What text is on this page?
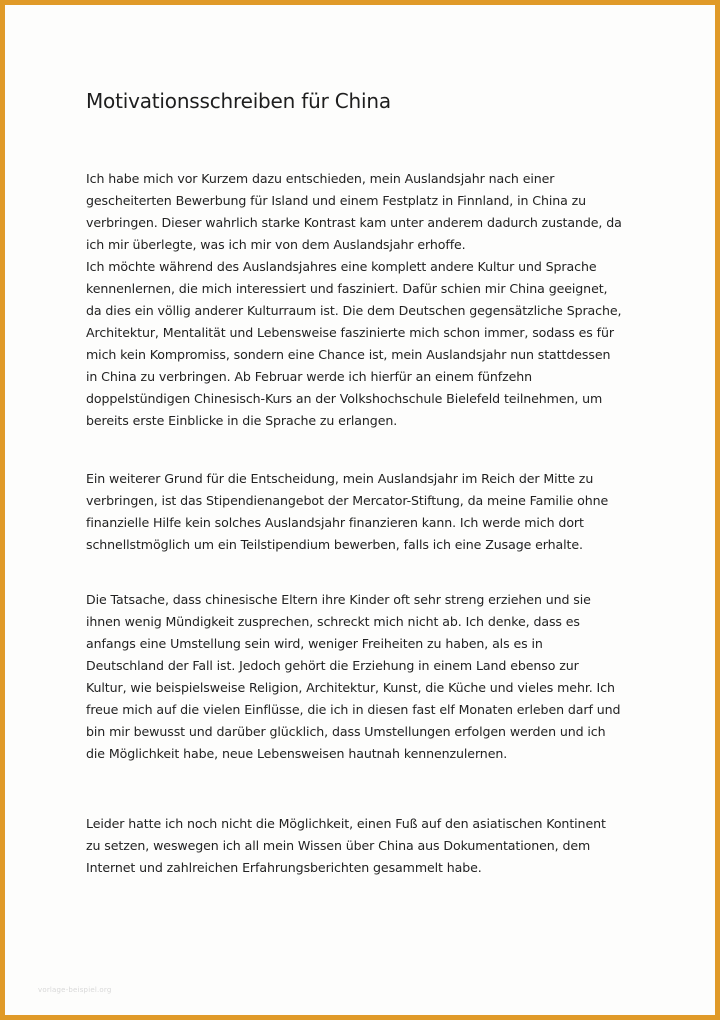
Motivationsschreiben für China

Ich habe mich vor Kurzem dazu entschieden, mein Auslandsjahr nach einer
gescheiterten Bewerbung für Island und einem Festplatz in Finnland, in China zu
verbringen. Dieser wahrlich starke Kontrast kam unter anderem dadurch zustande, da
ich mir überlegte, was ich mir von dem Auslandsjahr erhoffe.
Ich möchte während des Auslandsjahres eine komplett andere Kultur und Sprache
kennenlernen, die mich interessiert und fasziniert. Dafür schien mir China geeignet,
da dies ein völlig anderer Kulturraum ist. Die dem Deutschen gegensätzliche Sprache,
Architektur, Mentalität und Lebensweise faszinierte mich schon immer, sodass es für
mich kein Kompromiss, sondern eine Chance ist, mein Auslandsjahr nun stattdessen
in China zu verbringen. Ab Februar werde ich hierfür an einem fünfzehn
doppelstündigen Chinesisch-Kurs an der Volkshochschule Bielefeld teilnehmen, um
bereits erste Einblicke in die Sprache zu erlangen.

Ein weiterer Grund für die Entscheidung, mein Auslandsjahr im Reich der Mitte zu
verbringen, ist das Stipendienangebot der Mercator-Stiftung, da meine Familie ohne
finanzielle Hilfe kein solches Auslandsjahr finanzieren kann. Ich werde mich dort
schnellstmöglich um ein Teilstipendium bewerben, falls ich eine Zusage erhalte.

Die Tatsache, dass chinesische Eltern ihre Kinder oft sehr streng erziehen und sie
ihnen wenig Mündigkeit zusprechen, schreckt mich nicht ab. Ich denke, dass es
anfangs eine Umstellung sein wird, weniger Freiheiten zu haben, als es in
Deutschland der Fall ist. Jedoch gehört die Erziehung in einem Land ebenso zur
Kultur, wie beispielsweise Religion, Architektur, Kunst, die Küche und vieles mehr. Ich
freue mich auf die vielen Einflüsse, die ich in diesen fast elf Monaten erleben darf und
bin mir bewusst und darüber glücklich, dass Umstellungen erfolgen werden und ich
die Möglichkeit habe, neue Lebensweisen hautnah kennenzulernen.

Leider hatte ich noch nicht die Möglichkeit, einen Fuß auf den asiatischen Kontinent
zu setzen, weswegen ich all mein Wissen über China aus Dokumentationen, dem
Internet und zahlreichen Erfahrungsberichten gesammelt habe.

vorlage-beispiel.org
